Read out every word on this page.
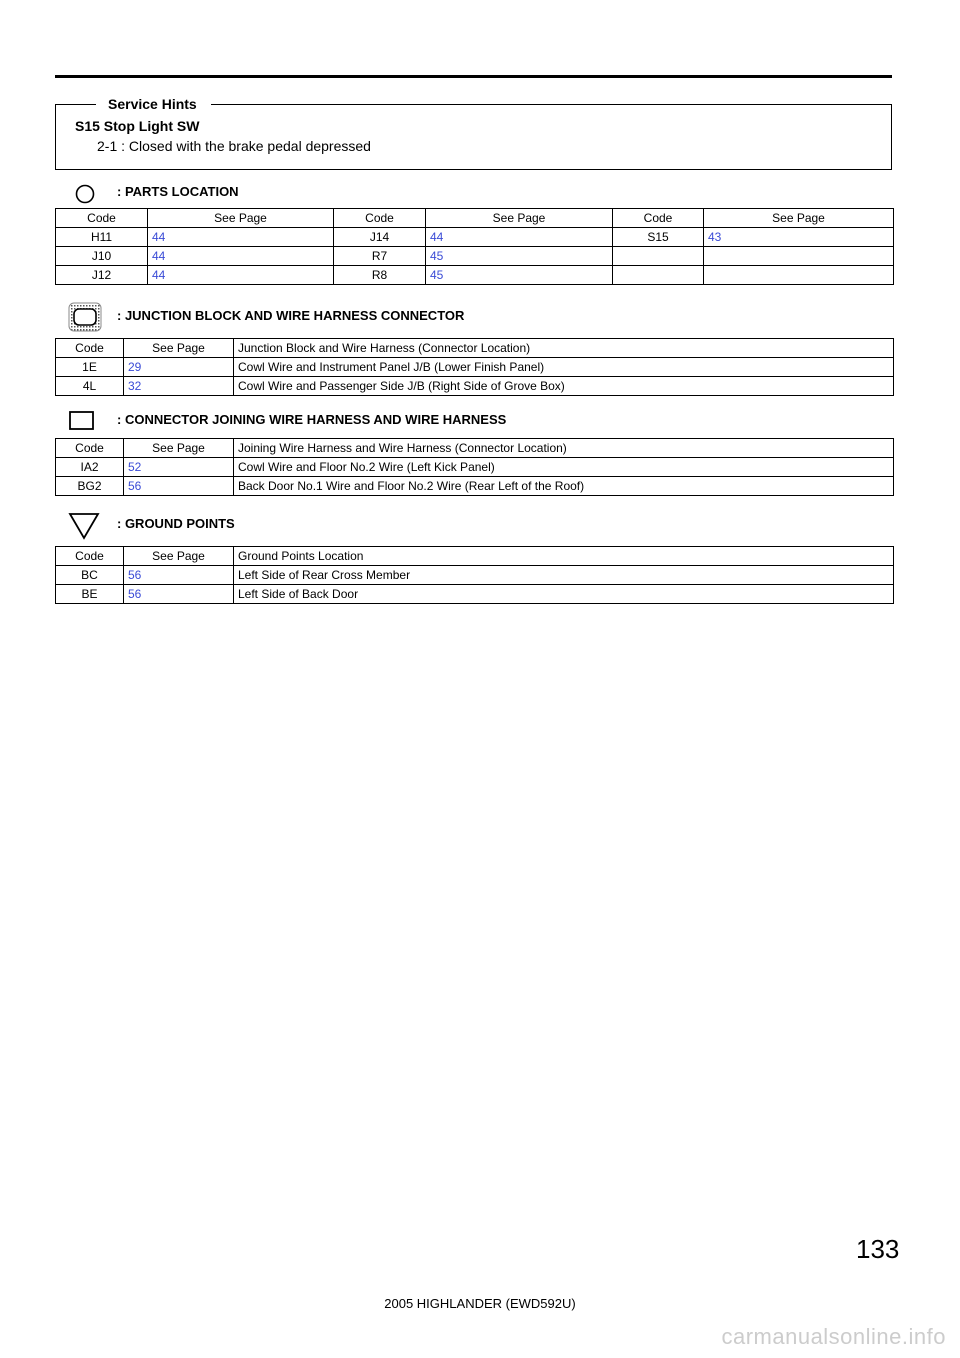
Service Hints
S15 Stop Light SW
2-1 : Closed with the brake pedal depressed
: PARTS LOCATION
Code	See Page	Code	See Page	Code	See Page
H11	44	J14	44	S15	43
J10	44	R7	45		
J12	44	R8	45		
: JUNCTION BLOCK AND WIRE HARNESS CONNECTOR
Code	See Page	Junction Block and Wire Harness (Connector Location)
1E	29	Cowl Wire and Instrument Panel J/B (Lower Finish Panel)
4L	32	Cowl Wire and Passenger Side J/B (Right Side of Grove Box)
: CONNECTOR JOINING WIRE HARNESS AND WIRE HARNESS
Code	See Page	Joining Wire Harness and Wire Harness (Connector Location)
IA2	52	Cowl Wire and Floor No.2 Wire (Left Kick Panel)
BG2	56	Back Door No.1 Wire and Floor No.2 Wire (Rear Left of the Roof)
: GROUND POINTS
Code	See Page	Ground Points Location
BC	56	Left Side of Rear Cross Member
BE	56	Left Side of Back Door
133
2005 HIGHLANDER (EWD592U)
carmanualsonline.info
